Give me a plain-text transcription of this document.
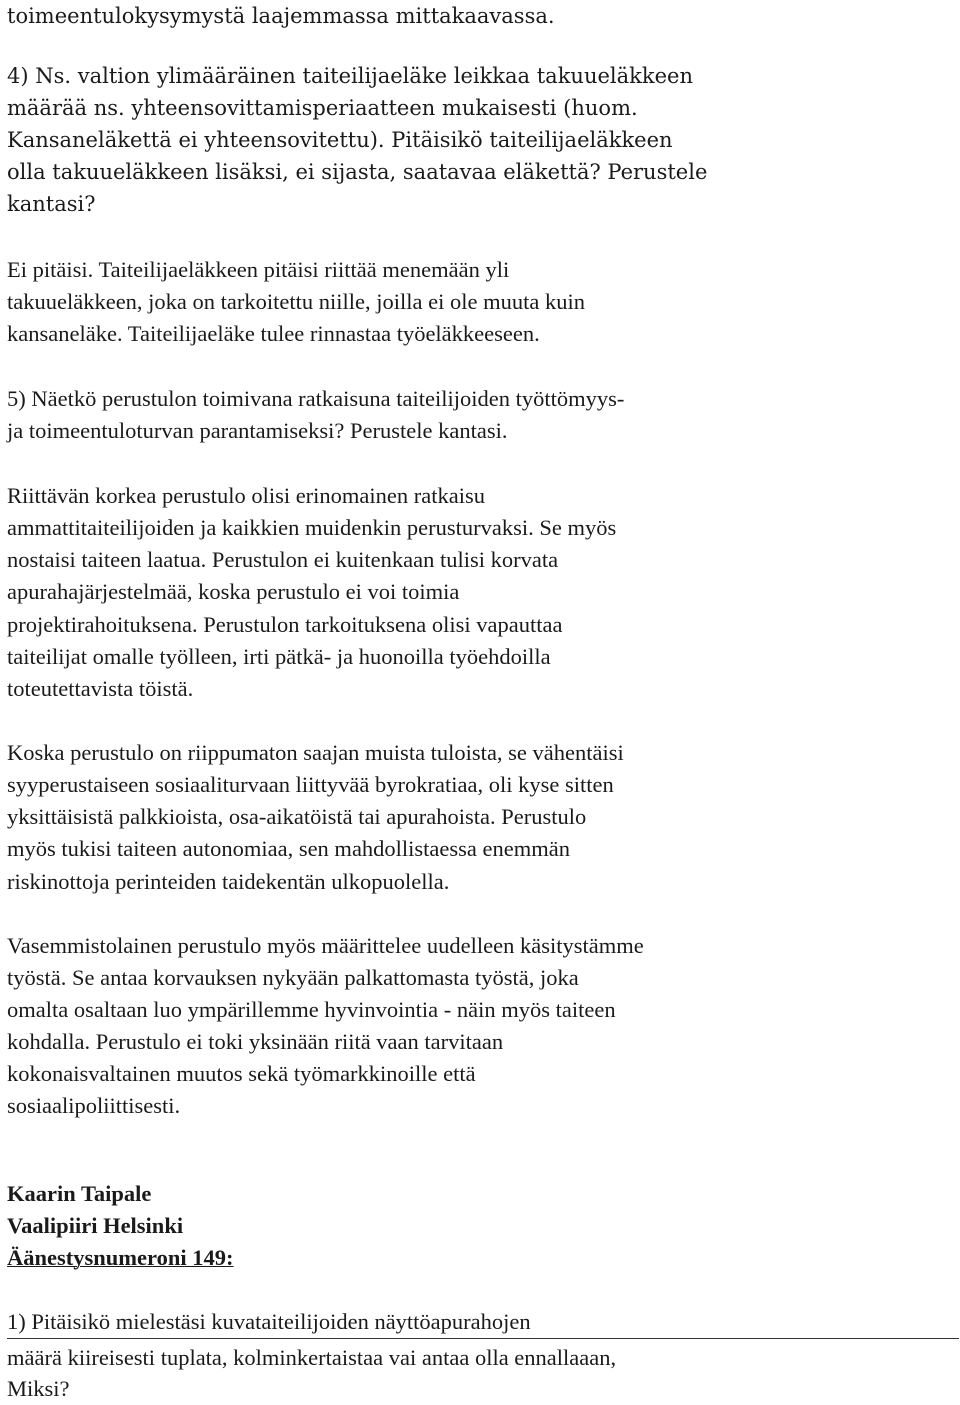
toimeentulokysymystä laajemmassa mittakaavassa.
4) Ns. valtion ylimääräinen taiteilijaeläke leikkaa takuueläkkeen
määrää ns. yhteensovittamisperiaatteen mukaisesti (huom.
Kansaneläkettä ei yhteensovitettu). Pitäisikö taiteilijaeläkkeen
olla takuueläkkeen lisäksi, ei sijasta, saatavaa eläkettä? Perustele
kantasi?
Ei pitäisi. Taiteilijaeläkkeen pitäisi riittää menemään yli
takuueläkkeen, joka on tarkoitettu niille, joilla ei ole muuta kuin
kansaneläke. Taiteilijaeläke tulee rinnastaa työeläkkeeseen.
5) Näetkö perustulon toimivana ratkaisuna taiteilijoiden työttömyys-
ja toimeentuloturvan parantamiseksi? Perustele kantasi.
Riittävän korkea perustulo olisi erinomainen ratkaisu
ammattitaiteilijoiden ja kaikkien muidenkin perusturvaksi. Se myös
nostaisi taiteen laatua. Perustulon ei kuitenkaan tulisi korvata
apurahajärjestelmää, koska perustulo ei voi toimia
projektirahoituksena. Perustulon tarkoituksena olisi vapauttaa
taiteilijat omalle työlleen, irti pätkä- ja huonoilla työehdoilla
toteutettavista töistä.
Koska perustulo on riippumaton saajan muista tuloista, se vähentäisi
syyperustaiseen sosiaaliturvaan liittyvää byrokratiaa, oli kyse sitten
yksittäisistä palkkioista, osa-aikatöistä tai apurahoista. Perustulo
myös tukisi taiteen autonomiaa, sen mahdollistaessa enemmän
riskinottoja perinteiden taidekentän ulkopuolella.
Vasemmistolainen perustulo myös määrittelee uudelleen käsitystämme
työstä. Se antaa korvauksen nykyään palkattomasta työstä, joka
omalta osaltaan luo ympärillemme hyvinvointia - näin myös taiteen
kohdalla. Perustulo ei toki yksinään riitä vaan tarvitaan
kokonaisvaltainen muutos sekä työmarkkinoille että
sosiaalipoliittisesti.
Kaarin Taipale
Vaalipiiri Helsinki
Äänestysnumeroni 149:
1) Pitäisikö mielestäsi kuvataiteilijoiden näyttöapurahojen
määrä kiireisesti tuplata, kolminkertaistaa vai antaa olla ennallaaan,
Miksi?
